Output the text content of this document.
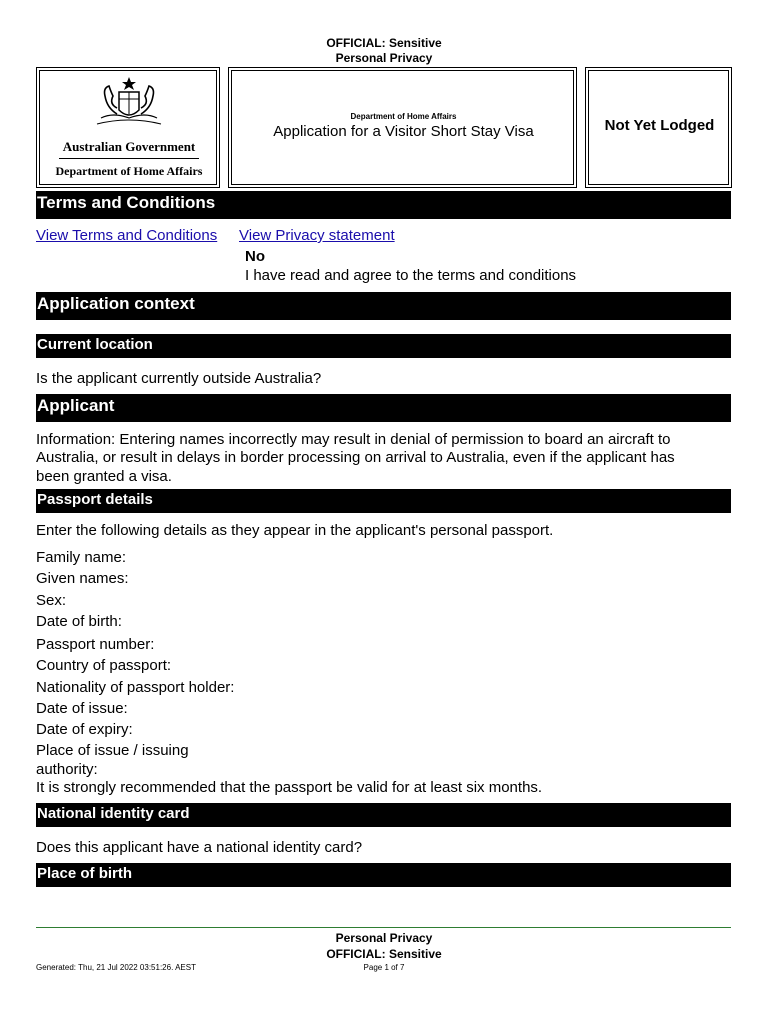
OFFICIAL: Sensitive
Personal Privacy
Australian Government
Department of Home Affairs
Department of Home Affairs
Application for a Visitor Short Stay Visa	Not Yet Lodged
Terms and Conditions
View Terms and Conditions View Privacy statement
No
I have read and agree to the terms and conditions
Application context
Current location
Is the applicant currently outside Australia?
Applicant
Information: Entering names incorrectly may result in denial of permission to board an aircraft to
Australia, or result in delays in border processing on arrival to Australia, even if the applicant has
been granted a visa.
Passport details
Enter the following details as they appear in the applicant's personal passport.
Family name:
Given names:
Sex:
Date of birth:
Passport number:
Country of passport:
Nationality of passport holder:
Date of issue:
Date of expiry:
Place of issue / issuing
authority:
It is strongly recommended that the passport be valid for at least six months.
National identity card
Does this applicant have a national identity card?
Place of birth
Personal Privacy
OFFICIAL: Sensitive
Generated: Thu, 21 Jul 2022 03:51:26. AEST	Page 1 of 7
